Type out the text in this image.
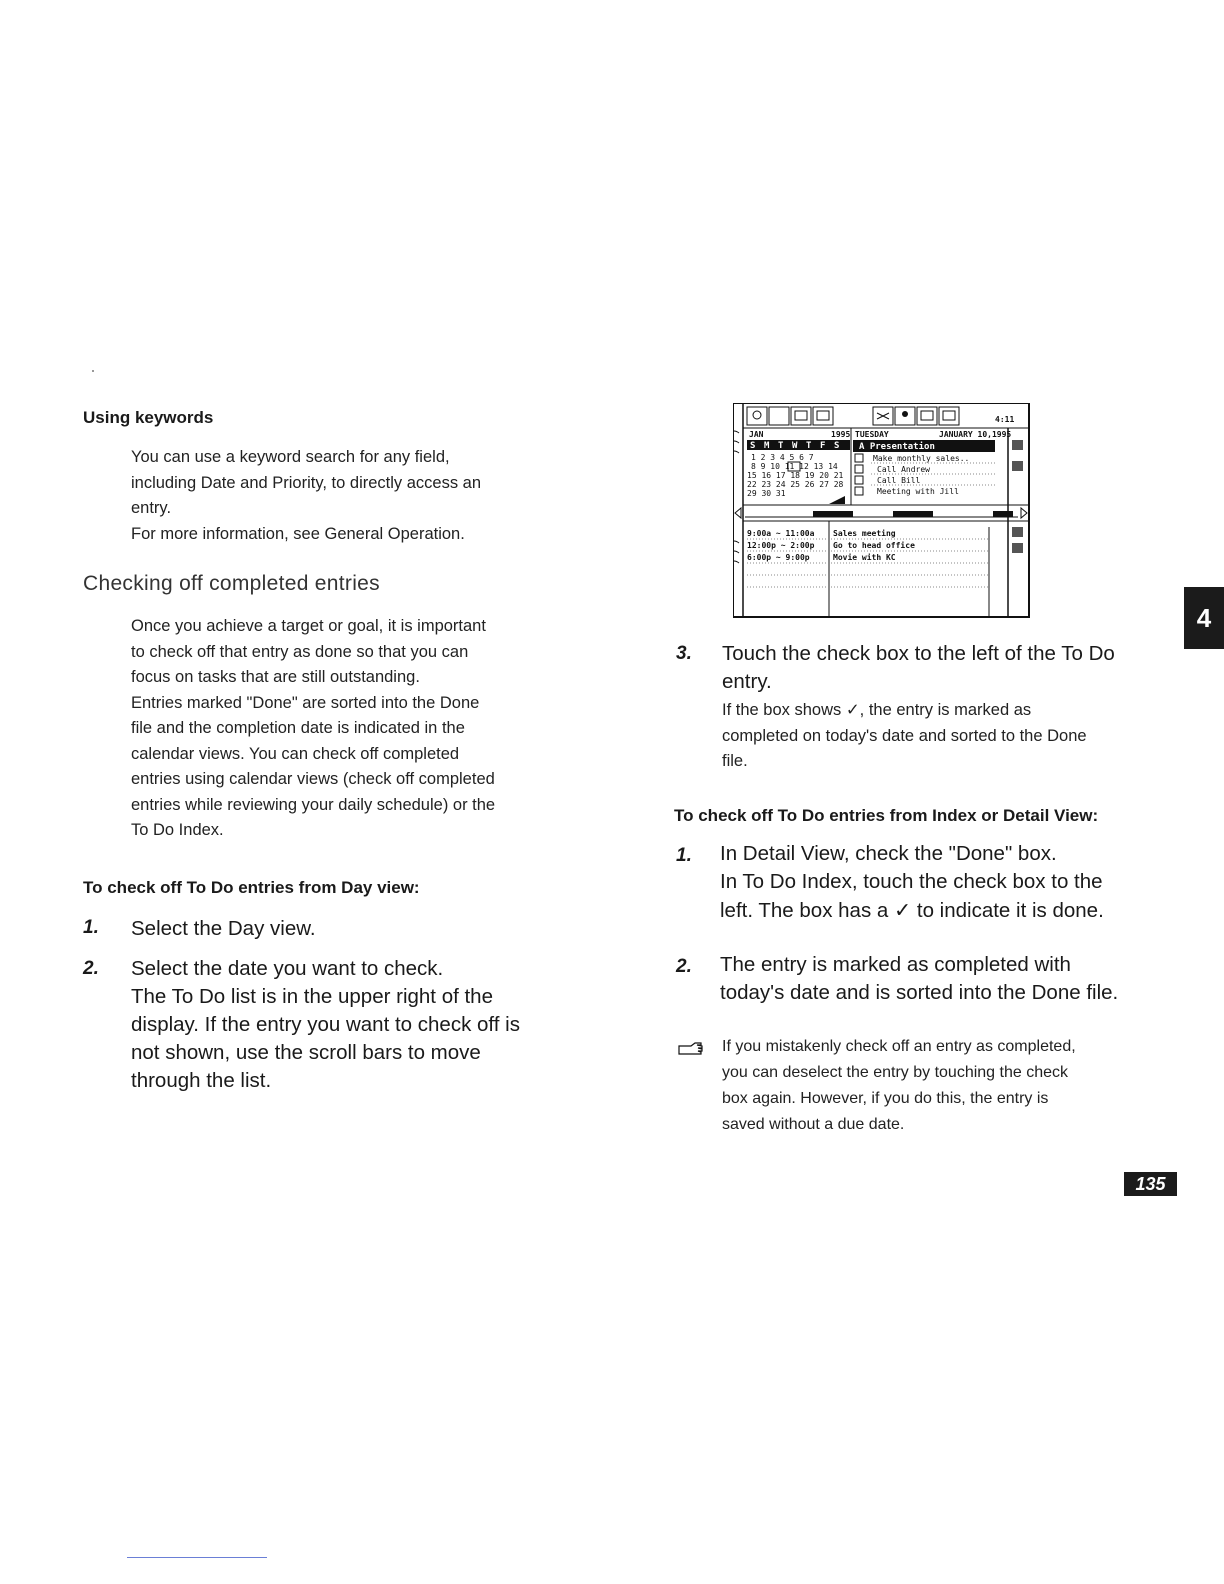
Using keywords
You can use a keyword search for any field,
including Date and Priority, to directly access an
entry.
For more information, see General Operation.
Checking off completed entries
Once you achieve a target or goal, it is important
to check off that entry as done so that you can
focus on tasks that are still outstanding.
Entries marked "Done" are sorted into the Done
file and the completion date is indicated in the
calendar views. You can check off completed
entries using calendar views (check off completed
entries while reviewing your daily schedule) or the
To Do Index.
To check off To Do entries from Day view:
1. Select the Day view.
2. Select the date you want to check.
The To Do list is in the upper right of the
display. If the entry you want to check off is
not shown, use the scroll bars to move
through the list.
4:11
JAN	1995 TUESDAY	JANUARY 10,1995
S M T W T F S
1 2 3 4 5 6 7
8 9 10 11 12 13 14
15 16 17 18 19 20 21
22 23 24 25 26 27 28
29 30 31
A Presentation
Make monthly sales..
Call Andrew
Call Bill
Meeting with Jill
9:00a ~ 11:00a Sales meeting
12:00p ~ 2:00p Go to head office
6:00p ~ 9:00p	Movie with KC
3. Touch the check box to the left of the To Do
entry.
If the box shows ✓, the entry is marked as
completed on today's date and sorted to the Done
file.
To check off To Do entries from Index or Detail View:
1. In Detail View, check the "Done" box.
In To Do Index, touch the check box to the
left. The box has a ✓ to indicate it is done.
2. The entry is marked as completed with
today's date and is sorted into the Done file.
If you mistakenly check off an entry as completed,
you can deselect the entry by touching the check
box again. However, if you do this, the entry is
saved without a due date.
4
135
